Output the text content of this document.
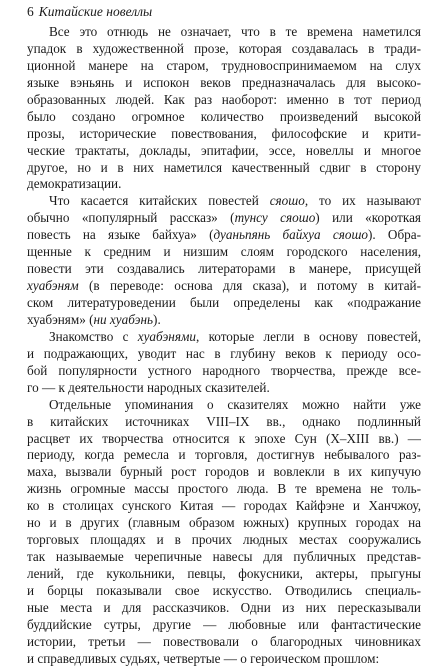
6 Китайские новеллы
Все это отнюдь не означает, что в те времена наметился
упадок в художественной прозе, которая создавалась в тради-
ционной манере на старом, трудновоспринимаемом на слух
языке вэньянь и испокон веков предназначалась для высоко-
образованных людей. Как раз наоборот: именно в тот период
было создано огромное количество произведений высокой
прозы, исторические повествования, философские и крити-
ческие трактаты, доклады, эпитафии, эссе, новеллы и многое
другое, но и в них наметился качественный сдвиг в сторону
демократизации.
Что касается китайских повестей сяошо, то их называют
обычно «популярный рассказ» (тунсу сяошо) или «короткая
повесть на языке байхуа» (дуаньпянь байхуа сяошо). Обра-
щенные к средним и низшим слоям городского населения,
повести эти создавались литераторами в манере, присущей
хуабэням (в переводе: основа для сказа), и потому в китай-
ском литературоведении были определены как «подражание
хуабэням» (ни хуабэнь).
Знакомство с хуабэнями, которые легли в основу повестей,
и подражающих, уводит нас в глубину веков к периоду осо-
бой популярности устного народного творчества, прежде все-
го — к деятельности народных сказителей.
Отдельные упоминания о сказителях можно найти уже
в китайских источниках VIII–IX вв., однако подлинный
расцвет их творчества относится к эпохе Сун (X–XIII вв.) —
периоду, когда ремесла и торговля, достигнув небывалого раз-
маха, вызвали бурный рост городов и вовлекли в их кипучую
жизнь огромные массы простого люда. В те времена не толь-
ко в столицах сунского Китая — городах Кайфэне и Ханчжоу,
но и в других (главным образом южных) крупных городах на
торговых площадях и в прочих людных местах сооружались
так называемые черепичные навесы для публичных представ-
лений, где кукольники, певцы, фокусники, актеры, прыгуны
и борцы показывали свое искусство. Отводились специаль-
ные места и для рассказчиков. Одни из них пересказывали
буддийские сутры, другие — любовные или фантастические
истории, третьи — повествовали о благородных чиновниках
и справедливых судьях, четвертые — о героическом прошлом:
